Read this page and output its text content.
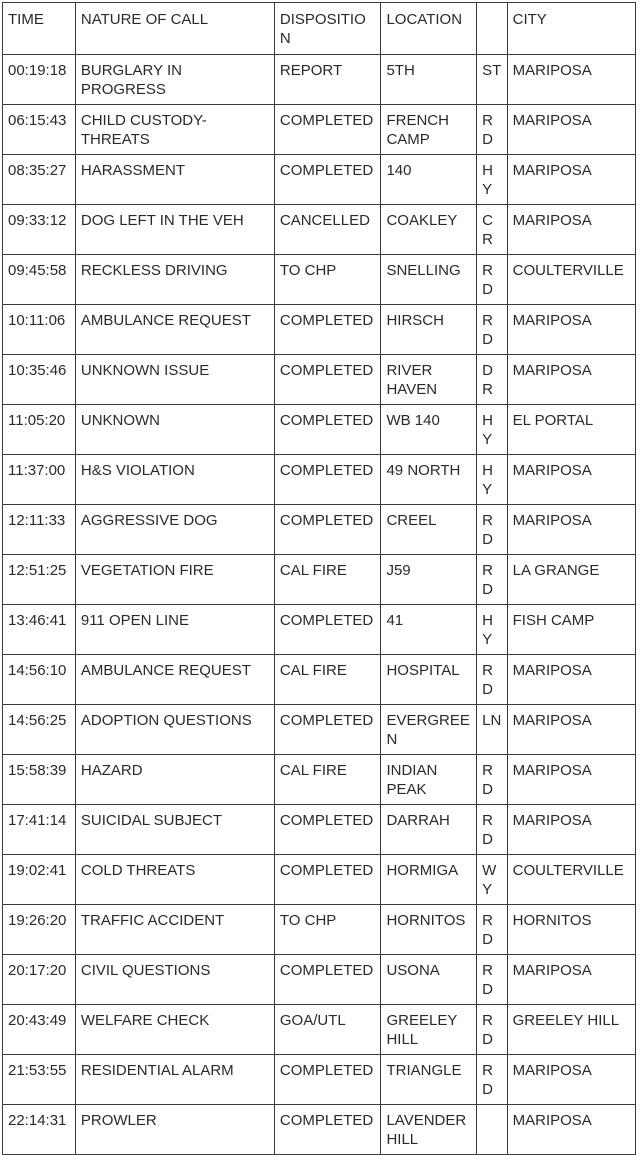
TIME	NATURE OF CALL	DISPOSITION	LOCATION		CITY
00:19:18	BURGLARY IN PROGRESS	REPORT	5TH	ST	MARIPOSA
06:15:43	CHILD CUSTODY-THREATS	COMPLETED	FRENCH CAMP	RD	MARIPOSA
08:35:27	HARASSMENT	COMPLETED	140	HY	MARIPOSA
09:33:12	DOG LEFT IN THE VEH	CANCELLED	COAKLEY	CR	MARIPOSA
09:45:58	RECKLESS DRIVING	TO CHP	SNELLING	RD	COULTERVILLE
10:11:06	AMBULANCE REQUEST	COMPLETED	HIRSCH	RD	MARIPOSA
10:35:46	UNKNOWN ISSUE	COMPLETED	RIVER HAVEN	DR	MARIPOSA
11:05:20	UNKNOWN	COMPLETED	WB 140	HY	EL PORTAL
11:37:00	H&S VIOLATION	COMPLETED	49 NORTH	HY	MARIPOSA
12:11:33	AGGRESSIVE DOG	COMPLETED	CREEL	RD	MARIPOSA
12:51:25	VEGETATION FIRE	CAL FIRE	J59	RD	LA GRANGE
13:46:41	911 OPEN LINE	COMPLETED	41	HY	FISH CAMP
14:56:10	AMBULANCE REQUEST	CAL FIRE	HOSPITAL	RD	MARIPOSA
14:56:25	ADOPTION QUESTIONS	COMPLETED	EVERGREEN	LN	MARIPOSA
15:58:39	HAZARD	CAL FIRE	INDIAN PEAK	RD	MARIPOSA
17:41:14	SUICIDAL SUBJECT	COMPLETED	DARRAH	RD	MARIPOSA
19:02:41	COLD THREATS	COMPLETED	HORMIGA	WY	COULTERVILLE
19:26:20	TRAFFIC ACCIDENT	TO CHP	HORNITOS	RD	HORNITOS
20:17:20	CIVIL QUESTIONS	COMPLETED	USONA	RD	MARIPOSA
20:43:49	WELFARE CHECK	GOA/UTL	GREELEY HILL	RD	GREELEY HILL
21:53:55	RESIDENTIAL ALARM	COMPLETED	TRIANGLE	RD	MARIPOSA
22:14:31	PROWLER	COMPLETED	LAVENDER HILL		MARIPOSA
